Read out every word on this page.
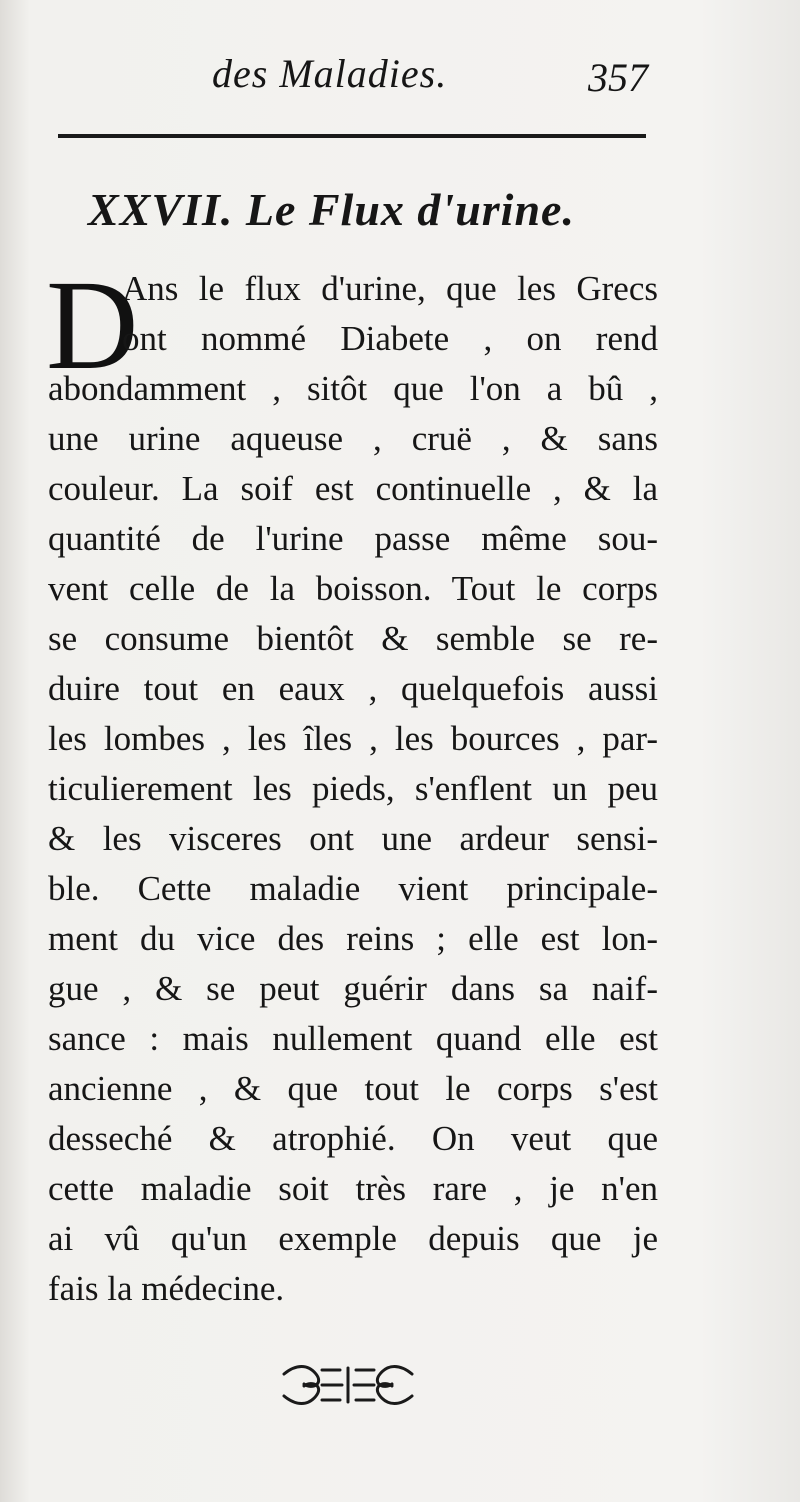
des Maladies.	357
XXVII. Le Flux d'urine.
D
Ans le flux d'urine, que les Grecs
ont nommé Diabete , on rend
abondamment , sitôt que l'on a bû ,
une urine aqueuse , cruë , & sans
couleur. La soif est continuelle , & la
quantité de l'urine passe même sou-
vent celle de la boisson. Tout le corps
se consume bientôt & semble se re-
duire tout en eaux , quelquefois aussi
les lombes , les îles , les bources , par-
ticulierement les pieds, s'enflent un peu
& les visceres ont une ardeur sensi-
ble. Cette maladie vient principale-
ment du vice des reins ; elle est lon-
gue , & se peut guérir dans sa naif-
sance : mais nullement quand elle est
ancienne , & que tout le corps s'est
desseché & atrophié. On veut que
cette maladie soit très rare , je n'en
ai vû qu'un exemple depuis que je
fais la médecine.
